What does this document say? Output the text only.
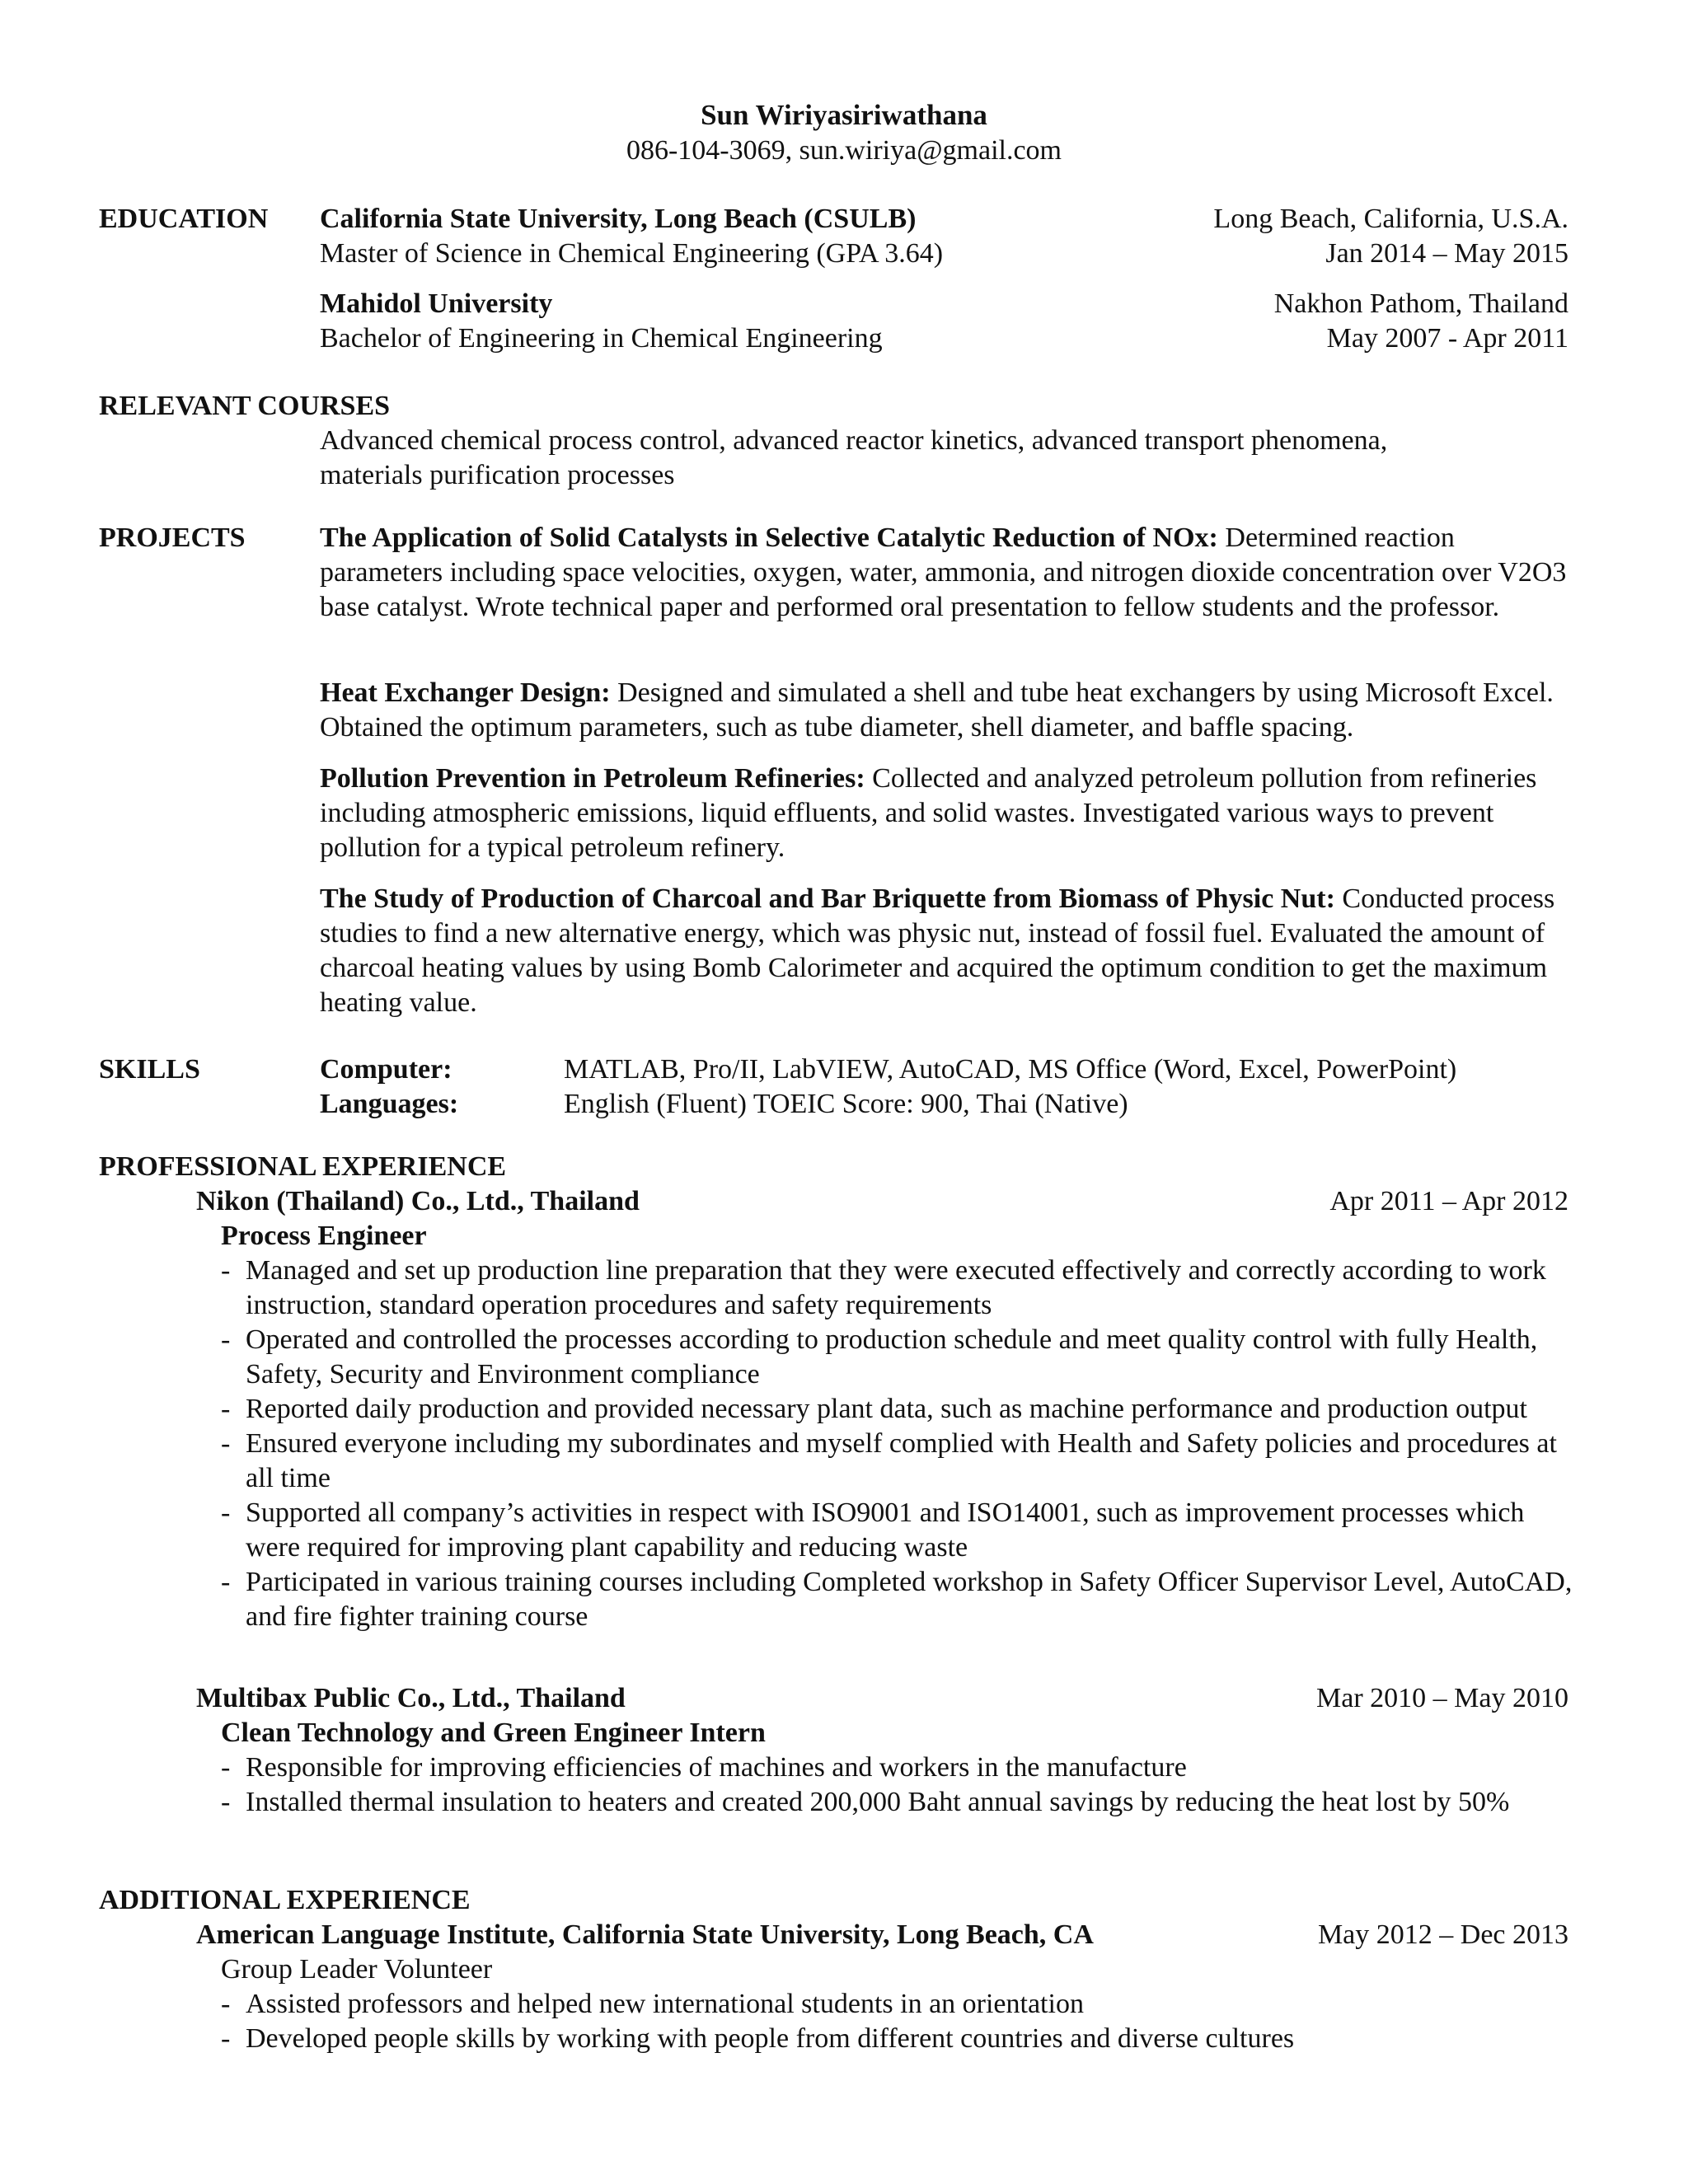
Sun Wiriyasiriwathana
086-104-3069, sun.wiriya@gmail.com
EDUCATION California State University, Long Beach (CSULB)	Long Beach, California, U.S.A.
Master of Science in Chemical Engineering (GPA 3.64)	Jan 2014 – May 2015
Mahidol University	Nakhon Pathom, Thailand
Bachelor of Engineering in Chemical Engineering	May 2007 - Apr 2011
RELEVANT COURSES
Advanced chemical process control, advanced reactor kinetics, advanced transport phenomena, materials purification processes
PROJECTS	The Application of Solid Catalysts in Selective Catalytic Reduction of NOx: Determined reaction parameters including space velocities, oxygen, water, ammonia, and nitrogen dioxide concentration over V2O3 base catalyst. Wrote technical paper and performed oral presentation to fellow students and the professor.

Heat Exchanger Design: Designed and simulated a shell and tube heat exchangers by using Microsoft Excel. Obtained the optimum parameters, such as tube diameter, shell diameter, and baffle spacing.

Pollution Prevention in Petroleum Refineries: Collected and analyzed petroleum pollution from refineries including atmospheric emissions, liquid effluents, and solid wastes. Investigated various ways to prevent pollution for a typical petroleum refinery.

The Study of Production of Charcoal and Bar Briquette from Biomass of Physic Nut: Conducted process studies to find a new alternative energy, which was physic nut, instead of fossil fuel. Evaluated the amount of charcoal heating values by using Bomb Calorimeter and acquired the optimum condition to get the maximum heating value.

SKILLS	Computer:	MATLAB, Pro/II, LabVIEW, AutoCAD, MS Office (Word, Excel, PowerPoint)
Languages:	English (Fluent) TOEIC Score: 900, Thai (Native)
PROFESSIONAL EXPERIENCE
Nikon (Thailand) Co., Ltd., Thailand	Apr 2011 – Apr 2012
Process Engineer
- Managed and set up production line preparation that they were executed effectively and correctly according to work instruction, standard operation procedures and safety requirements
- Operated and controlled the processes according to production schedule and meet quality control with fully Health, Safety, Security and Environment compliance
- Reported daily production and provided necessary plant data, such as machine performance and production output
- Ensured everyone including my subordinates and myself complied with Health and Safety policies and procedures at all time
- Supported all company’s activities in respect with ISO9001 and ISO14001, such as improvement processes which were required for improving plant capability and reducing waste
- Participated in various training courses including Completed workshop in Safety Officer Supervisor Level, AutoCAD, and fire fighter training course
Multibax Public Co., Ltd., Thailand	Mar 2010 – May 2010
Clean Technology and Green Engineer Intern
- Responsible for improving efficiencies of machines and workers in the manufacture
- Installed thermal insulation to heaters and created 200,000 Baht annual savings by reducing the heat lost by 50%
ADDITIONAL EXPERIENCE
American Language Institute, California State University, Long Beach, CA	May 2012 – Dec 2013
Group Leader Volunteer
- Assisted professors and helped new international students in an orientation
- Developed people skills by working with people from different countries and diverse cultures
